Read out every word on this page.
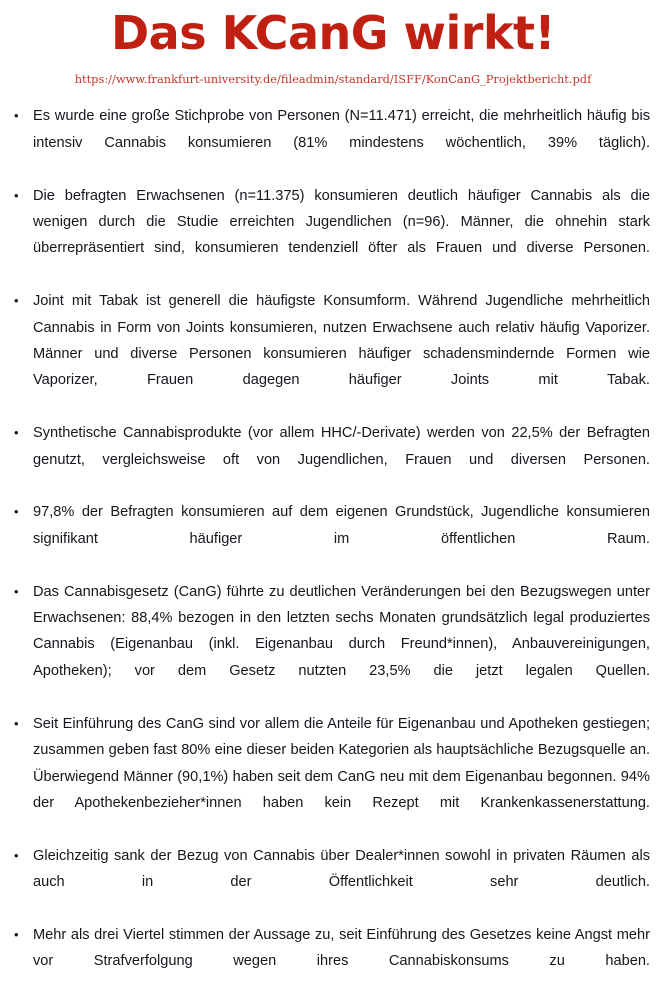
Das KCanG wirkt!
https://www.frankfurt-university.de/fileadmin/standard/ISFF/KonCanG_Projektbericht.pdf
• Es wurde eine große Stichprobe von Personen (N=11.471) erreicht, die mehrheitlich häufig bis intensiv Cannabis konsumieren (81% mindestens wöchentlich, 39% täglich).
• Die befragten Erwachsenen (n=11.375) konsumieren deutlich häufiger Cannabis als die wenigen durch die Studie erreichten Jugendlichen (n=96). Männer, die ohnehin stark überrepräsentiert sind, konsumieren tendenziell öfter als Frauen und diverse Personen.
• Joint mit Tabak ist generell die häufigste Konsumform. Während Jugendliche mehrheitlich Cannabis in Form von Joints konsumieren, nutzen Erwachsene auch relativ häufig Vaporizer. Männer und diverse Personen konsumieren häufiger schadensmindernde Formen wie Vaporizer, Frauen dagegen häufiger Joints mit Tabak.
• Synthetische Cannabisprodukte (vor allem HHC/-Derivate) werden von 22,5% der Befragten genutzt, vergleichsweise oft von Jugendlichen, Frauen und diversen Personen.
• 97,8% der Befragten konsumieren auf dem eigenen Grundstück, Jugendliche konsumieren signifikant häufiger im öffentlichen Raum.
• Das Cannabisgesetz (CanG) führte zu deutlichen Veränderungen bei den Bezugswegen unter Erwachsenen: 88,4% bezogen in den letzten sechs Monaten grundsätzlich legal produziertes Cannabis (Eigenanbau (inkl. Eigenanbau durch Freund*innen), Anbauvereinigungen, Apotheken); vor dem Gesetz nutzten 23,5% die jetzt legalen Quellen.
• Seit Einführung des CanG sind vor allem die Anteile für Eigenanbau und Apotheken gestiegen; zusammen geben fast 80% eine dieser beiden Kategorien als hauptsächliche Bezugsquelle an. Überwiegend Männer (90,1%) haben seit dem CanG neu mit dem Eigenanbau begonnen. 94% der Apothekenbezieher*innen haben kein Rezept mit Krankenkassenerstattung.
• Gleichzeitig sank der Bezug von Cannabis über Dealer*innen sowohl in privaten Räumen als auch in der Öffentlichkeit sehr deutlich.
• Mehr als drei Viertel stimmen der Aussage zu, seit Einführung des Gesetzes keine Angst mehr vor Strafverfolgung wegen ihres Cannabiskonsums zu haben.
